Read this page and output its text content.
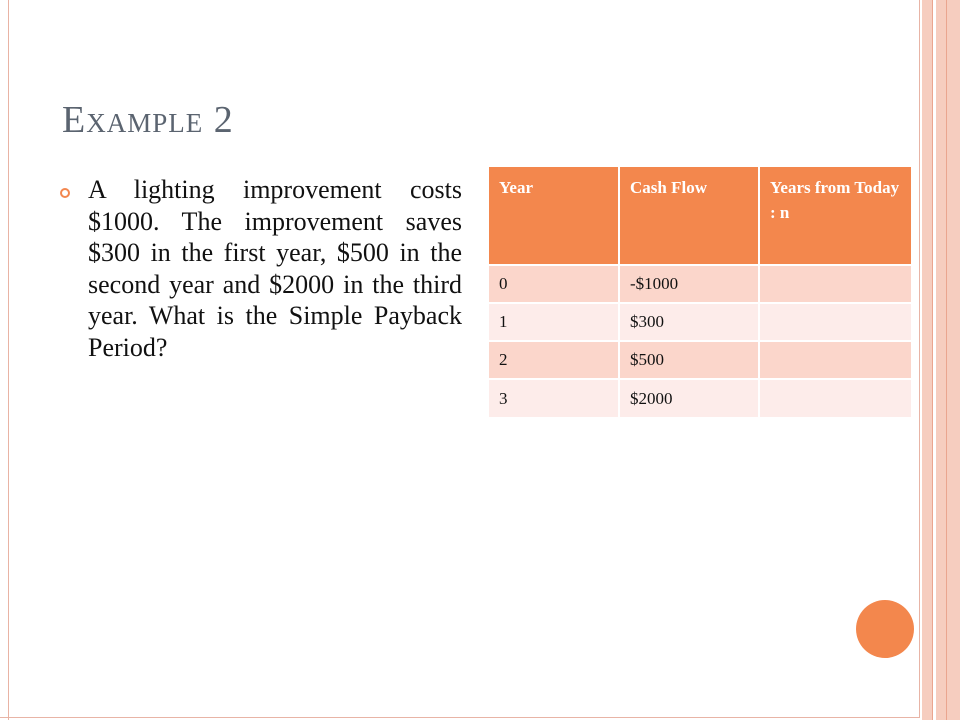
Example 2

A lighting improvement costs $1000. The improvement saves $300 in the first year, $500 in the second year and $2000 in the third year. What is the Simple Payback Period?

Year	Cash Flow	Years from Today : n
0	-$1000	
1	$300	
2	$500	
3	$2000	
